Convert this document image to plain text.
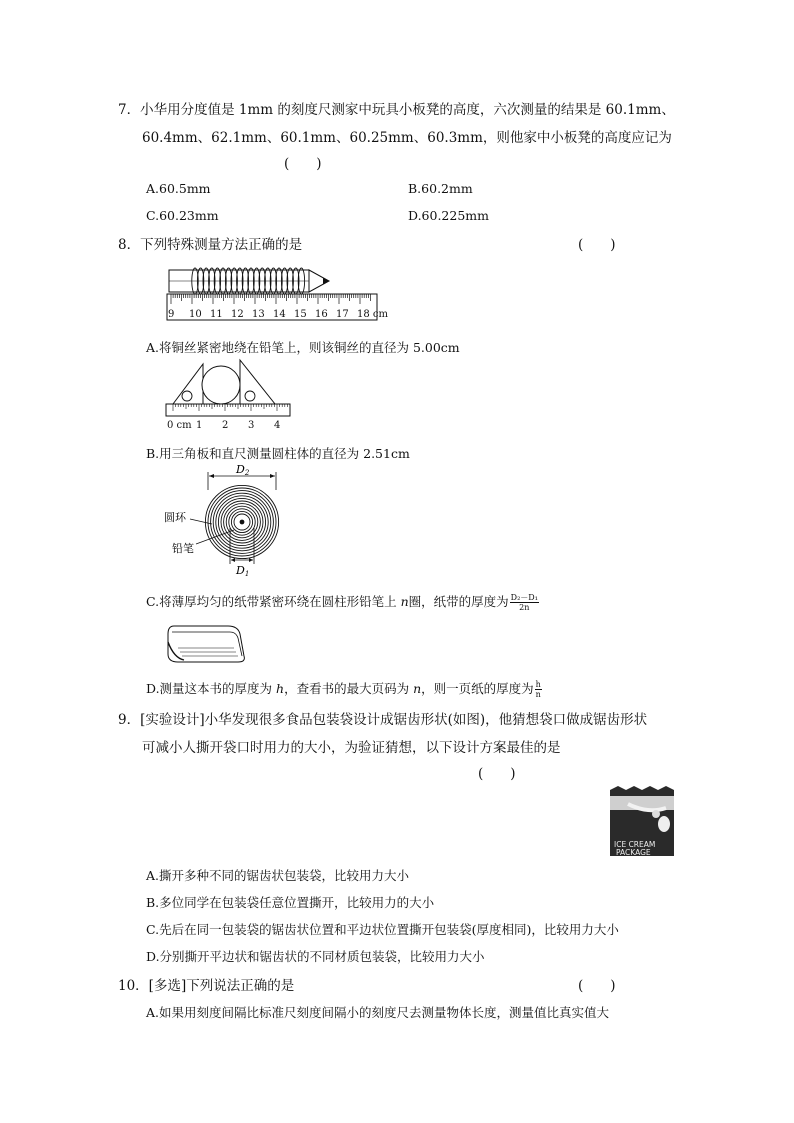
7．小华用分度值是 1mm 的刻度尺测家中玩具小板凳的高度，六次测量的结果是 60.1mm、
60.4mm、62.1mm、60.1mm、60.25mm、60.3mm，则他家中小板凳的高度应记为
(　　)
A.60.5mm	B.60.2mm
C.60.23mm	D.60.225mm
8．下列特殊测量方法正确的是	(　　)
9 10 11 12 13 14 15 16 17 18 cm
A.将铜丝紧密地绕在铅笔上，则该铜丝的直径为 5.00cm
0 cm 1 2 3 4
B.用三角板和直尺测量圆柱体的直径为 2.51cm
D2
D1
圆环
铅笔
C.将薄厚均匀的纸带紧密环绕在圆柱形铅笔上 n圈，纸带的厚度为 $\frac{\text{D₂－D₁}}{2n}$
D.测量这本书的厚度为 h，查看书的最大页码为 n，则一页纸的厚度为 $\frac{h}{n}$
9．[实验设计]小华发现很多食品包装袋设计成锯齿形状(如图)，他猜想袋口做成锯齿形状
可减小人撕开袋口时用力的大小，为验证猜想，以下设计方案最佳的是
(　　)
ICE CREAM
PACKAGE
A.撕开多种不同的锯齿状包装袋，比较用力大小
B.多位同学在包装袋任意位置撕开，比较用力的大小
C.先后在同一包装袋的锯齿状位置和平边状位置撕开包装袋(厚度相同)，比较用力大小
D.分别撕开平边状和锯齿状的不同材质包装袋，比较用力大小
10．[多选]下列说法正确的是	(　　)
A.如果用刻度间隔比标准尺刻度间隔小的刻度尺去测量物体长度，测量值比真实值大
